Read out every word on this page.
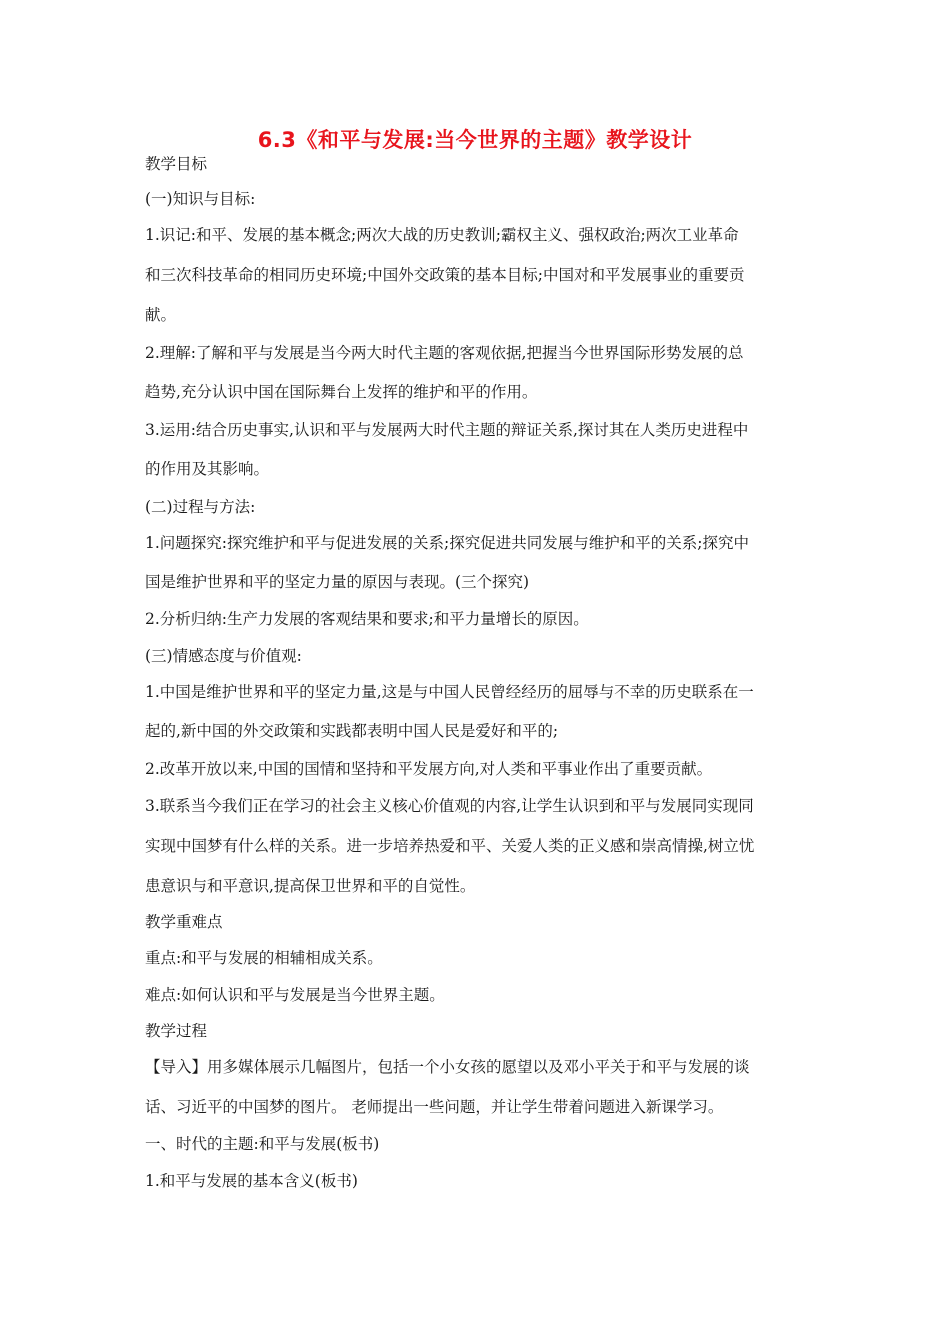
6.3《和平与发展:当今世界的主题》教学设计
教学目标
(一)知识与目标:
1.识记:和平、发展的基本概念;两次大战的历史教训;霸权主义、强权政治;两次工业革命
和三次科技革命的相同历史环境;中国外交政策的基本目标;中国对和平发展事业的重要贡
献。
2.理解:了解和平与发展是当今两大时代主题的客观依据,把握当今世界国际形势发展的总
趋势,充分认识中国在国际舞台上发挥的维护和平的作用。
3.运用:结合历史事实,认识和平与发展两大时代主题的辩证关系,探讨其在人类历史进程中
的作用及其影响。
(二)过程与方法:
1.问题探究:探究维护和平与促进发展的关系;探究促进共同发展与维护和平的关系;探究中
国是维护世界和平的坚定力量的原因与表现。(三个探究)
2.分析归纳:生产力发展的客观结果和要求;和平力量增长的原因。
(三)情感态度与价值观:
1.中国是维护世界和平的坚定力量,这是与中国人民曾经经历的屈辱与不幸的历史联系在一
起的,新中国的外交政策和实践都表明中国人民是爱好和平的;
2.改革开放以来,中国的国情和坚持和平发展方向,对人类和平事业作出了重要贡献。
3.联系当今我们正在学习的社会主义核心价值观的内容,让学生认识到和平与发展同实现同
实现中国梦有什么样的关系。进一步培养热爱和平、关爱人类的正义感和崇高情操,树立忧
患意识与和平意识,提高保卫世界和平的自觉性。
教学重难点
重点:和平与发展的相辅相成关系。
难点:如何认识和平与发展是当今世界主题。
教学过程
【导入】用多媒体展示几幅图片，包括一个小女孩的愿望以及邓小平关于和平与发展的谈
话、习近平的中国梦的图片。 老师提出一些问题，并让学生带着问题进入新课学习。
一、时代的主题:和平与发展(板书)
1.和平与发展的基本含义(板书)
